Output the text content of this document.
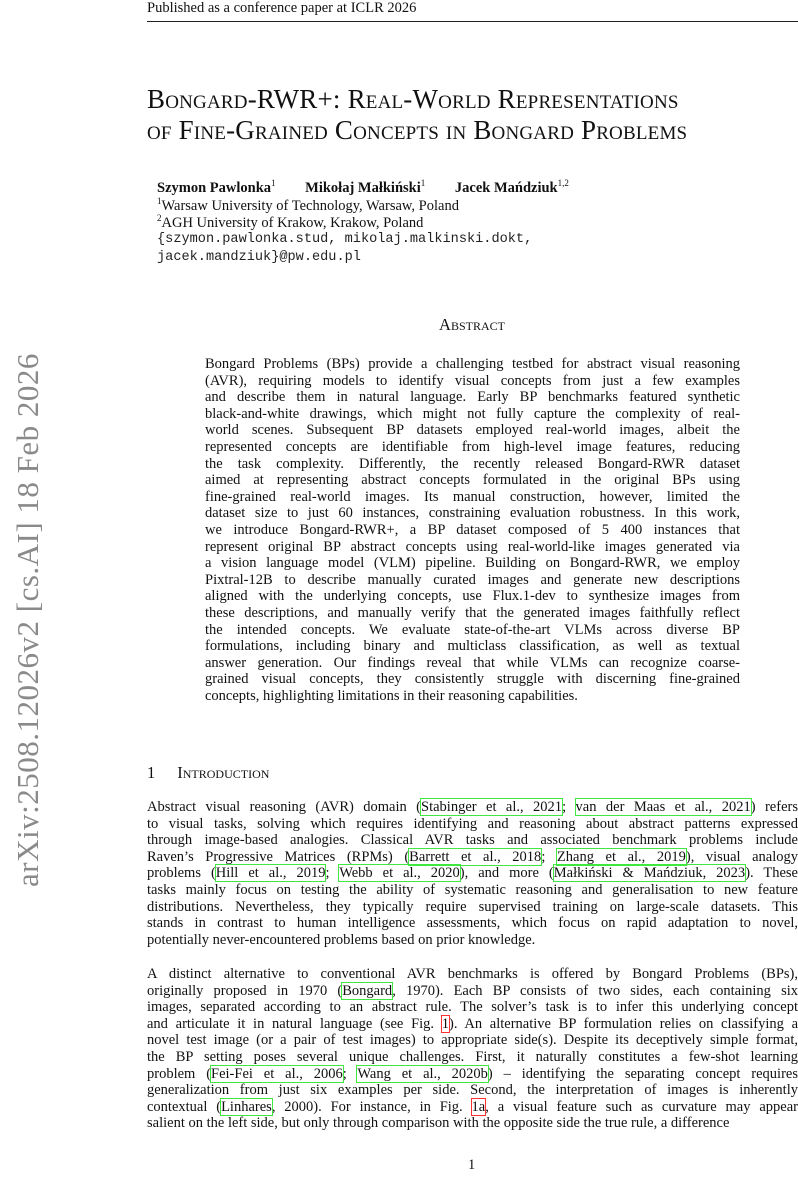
Published as a conference paper at ICLR 2026
arXiv:2508.12026v2 [cs.AI] 18 Feb 2026
Bongard-RWR+: Real-World Representations
of Fine-Grained Concepts in Bongard Problems
Szymon Pawlonka$^1$ Mikołaj Małkiński$^1$ Jacek Mańdziuk$^{1,2}$
$^1$Warsaw University of Technology, Warsaw, Poland
$^2$AGH University of Krakow, Krakow, Poland
{szymon.pawlonka.stud, mikolaj.malkinski.dokt,
jacek.mandziuk}@pw.edu.pl
Abstract
Bongard Problems (BPs) provide a challenging testbed for abstract visual reasoning
(AVR), requiring models to identify visual concepts from just a few examples
and describe them in natural language. Early BP benchmarks featured synthetic
black-and-white drawings, which might not fully capture the complexity of real-
world scenes. Subsequent BP datasets employed real-world images, albeit the
represented concepts are identifiable from high-level image features, reducing
the task complexity. Differently, the recently released Bongard-RWR dataset
aimed at representing abstract concepts formulated in the original BPs using
fine-grained real-world images. Its manual construction, however, limited the
dataset size to just 60 instances, constraining evaluation robustness. In this work,
we introduce Bongard-RWR+, a BP dataset composed of 5 400 instances that
represent original BP abstract concepts using real-world-like images generated via
a vision language model (VLM) pipeline. Building on Bongard-RWR, we employ
Pixtral-12B to describe manually curated images and generate new descriptions
aligned with the underlying concepts, use Flux.1-dev to synthesize images from
these descriptions, and manually verify that the generated images faithfully reflect
the intended concepts. We evaluate state-of-the-art VLMs across diverse BP
formulations, including binary and multiclass classification, as well as textual
answer generation. Our findings reveal that while VLMs can recognize coarse-
grained visual concepts, they consistently struggle with discerning fine-grained
concepts, highlighting limitations in their reasoning capabilities.
1 Introduction
Abstract visual reasoning (AVR) domain (Stabinger et al., 2021; van der Maas et al., 2021) refers
to visual tasks, solving which requires identifying and reasoning about abstract patterns expressed
through image-based analogies. Classical AVR tasks and associated benchmark problems include
Raven’s Progressive Matrices (RPMs) (Barrett et al., 2018; Zhang et al., 2019), visual analogy
problems (Hill et al., 2019; Webb et al., 2020), and more (Małkiński & Mańdziuk, 2023). These
tasks mainly focus on testing the ability of systematic reasoning and generalisation to new feature
distributions. Nevertheless, they typically require supervised training on large-scale datasets. This
stands in contrast to human intelligence assessments, which focus on rapid adaptation to novel,
potentially never-encountered problems based on prior knowledge.
A distinct alternative to conventional AVR benchmarks is offered by Bongard Problems (BPs),
originally proposed in 1970 (Bongard, 1970). Each BP consists of two sides, each containing six
images, separated according to an abstract rule. The solver’s task is to infer this underlying concept
and articulate it in natural language (see Fig. 1). An alternative BP formulation relies on classifying a
novel test image (or a pair of test images) to appropriate side(s). Despite its deceptively simple format,
the BP setting poses several unique challenges. First, it naturally constitutes a few-shot learning
problem (Fei-Fei et al., 2006; Wang et al., 2020b) – identifying the separating concept requires
generalization from just six examples per side. Second, the interpretation of images is inherently
contextual (Linhares, 2000). For instance, in Fig. 1a, a visual feature such as curvature may appear
salient on the left side, but only through comparison with the opposite side the true rule, a difference
1
